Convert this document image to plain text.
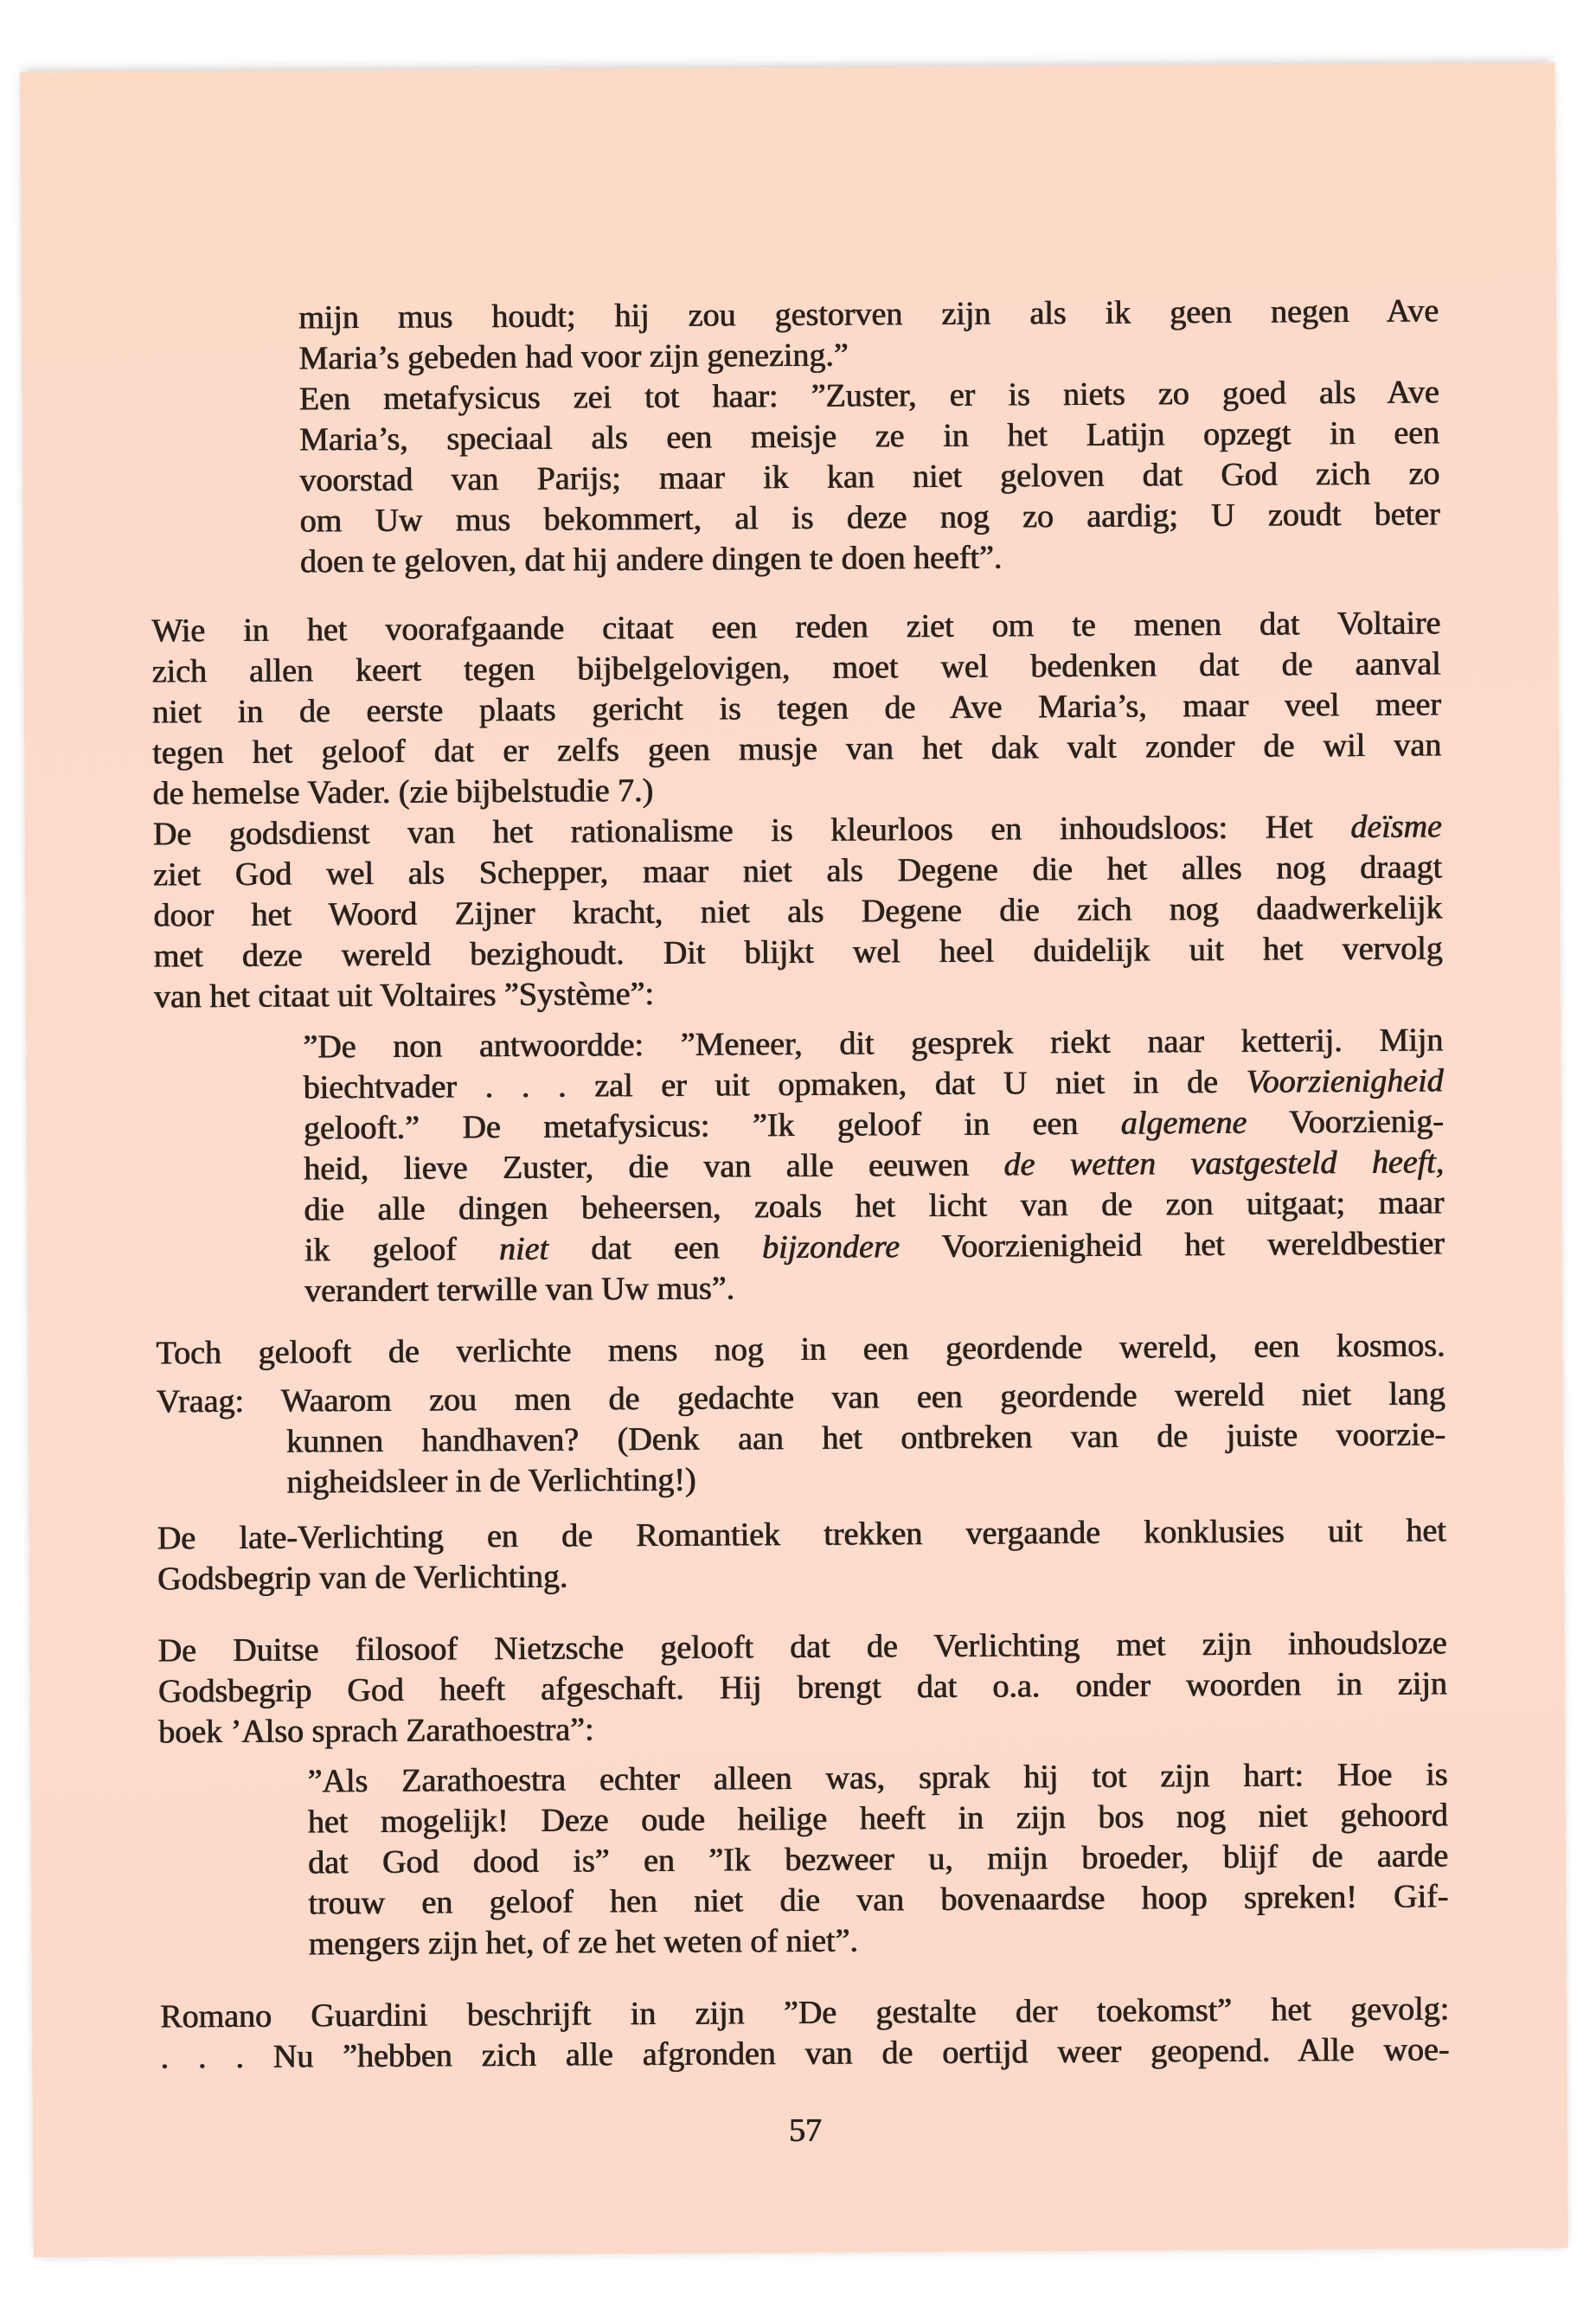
mijn mus houdt; hij zou gestorven zijn als ik geen negen Ave
Maria’s gebeden had voor zijn genezing.”
Een metafysicus zei tot haar: ”Zuster, er is niets zo goed als Ave
Maria’s, speciaal als een meisje ze in het Latijn opzegt in een
voorstad van Parijs; maar ik kan niet geloven dat God zich zo
om Uw mus bekommert, al is deze nog zo aardig; U zoudt beter
doen te geloven, dat hij andere dingen te doen heeft”.
Wie in het voorafgaande citaat een reden ziet om te menen dat Voltaire
zich allen keert tegen bijbelgelovigen, moet wel bedenken dat de aanval
niet in de eerste plaats gericht is tegen de Ave Maria’s, maar veel meer
tegen het geloof dat er zelfs geen musje van het dak valt zonder de wil van
de hemelse Vader. (zie bijbelstudie 7.)
De godsdienst van het rationalisme is kleurloos en inhoudsloos: Het deïsme
ziet God wel als Schepper, maar niet als Degene die het alles nog draagt
door het Woord Zijner kracht, niet als Degene die zich nog daadwerkelijk
met deze wereld bezighoudt. Dit blijkt wel heel duidelijk uit het vervolg
van het citaat uit Voltaires ”Système”:
”De non antwoordde: ”Meneer, dit gesprek riekt naar ketterij. Mijn
biechtvader . . . zal er uit opmaken, dat U niet in de Voorzienigheid
gelooft.” De metafysicus: ”Ik geloof in een algemene Voorzienig-
heid, lieve Zuster, die van alle eeuwen de wetten vastgesteld heeft,
die alle dingen beheersen, zoals het licht van de zon uitgaat; maar
ik geloof niet dat een bijzondere Voorzienigheid het wereldbestier
verandert terwille van Uw mus”.
Toch gelooft de verlichte mens nog in een geordende wereld, een kosmos.
Vraag: Waarom zou men de gedachte van een geordende wereld niet lang
kunnen handhaven? (Denk aan het ontbreken van de juiste voorzie-
nigheidsleer in de Verlichting!)
De late-Verlichting en de Romantiek trekken vergaande konklusies uit het
Godsbegrip van de Verlichting.
De Duitse filosoof Nietzsche gelooft dat de Verlichting met zijn inhoudsloze
Godsbegrip God heeft afgeschaft. Hij brengt dat o.a. onder woorden in zijn
boek ’Also sprach Zarathoestra”:
”Als Zarathoestra echter alleen was, sprak hij tot zijn hart: Hoe is
het mogelijk! Deze oude heilige heeft in zijn bos nog niet gehoord
dat God dood is” en ”Ik bezweer u, mijn broeder, blijf de aarde
trouw en geloof hen niet die van bovenaardse hoop spreken! Gif-
mengers zijn het, of ze het weten of niet”.
Romano Guardini beschrijft in zijn ”De gestalte der toekomst” het gevolg:
. . . Nu ”hebben zich alle afgronden van de oertijd weer geopend. Alle woe-
57
